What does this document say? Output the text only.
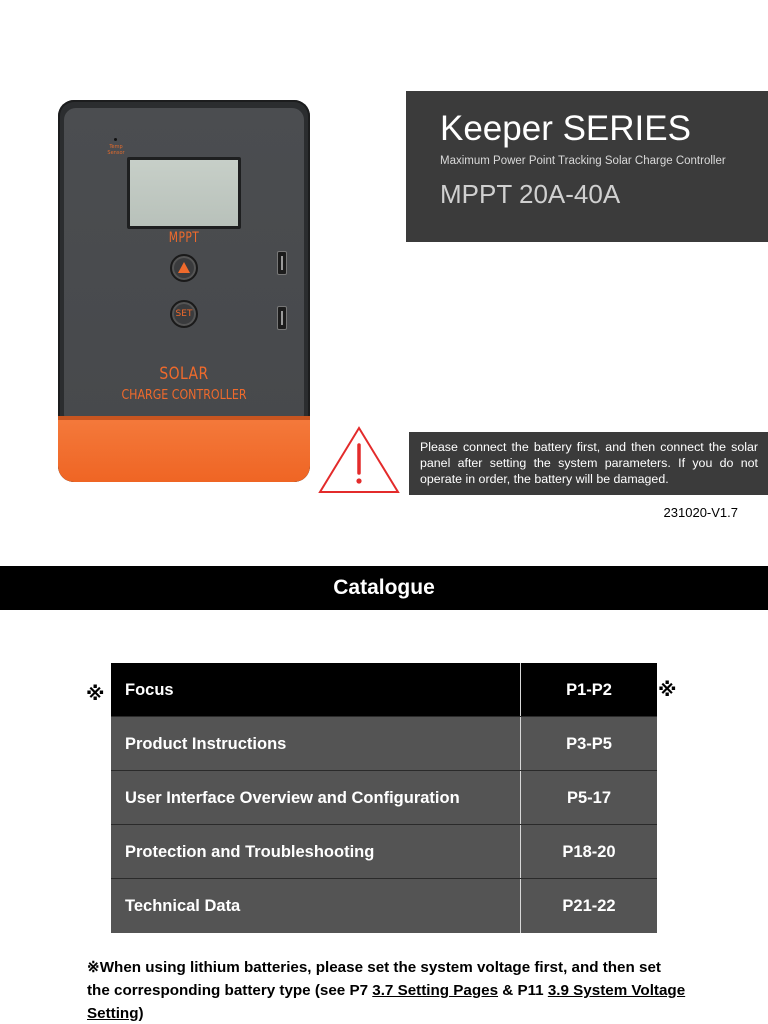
Temp Sensor
MPPT
SET
SOLAR
CHARGE CONTROLLER
Keeper SERIES
Maximum Power Point Tracking Solar Charge Controller
MPPT 20A-40A
Please connect the battery first, and then connect the solar panel after setting the system parameters. If you do not operate in order, the battery will be damaged.
231020-V1.7
Catalogue
※	※
Focus	P1-P2
Product Instructions	P3-P5
User Interface Overview and Configuration	P5-17
Protection and Troubleshooting	P18-20
Technical Data	P21-22

※When using lithium batteries, please set the system voltage first, and then set the corresponding battery type (see P7 3.7 Setting Pages & P11 3.9 System Voltage Setting)
